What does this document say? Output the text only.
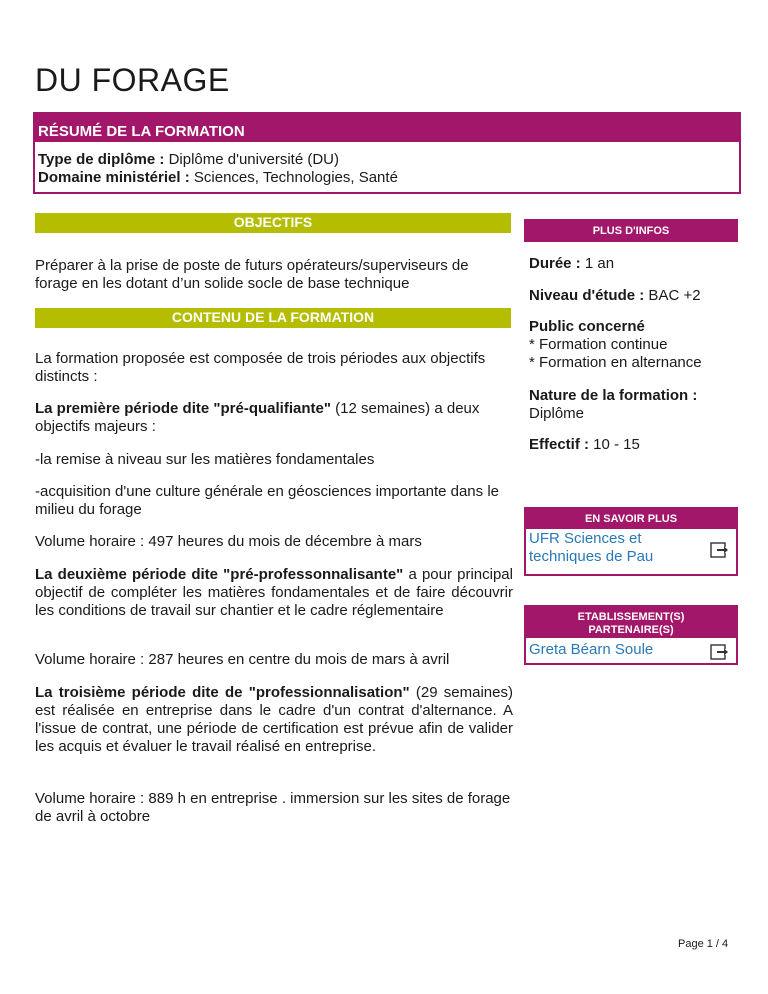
DU FORAGE
RÉSUMÉ DE LA FORMATION
Type de diplôme : Diplôme d'université (DU)
Domaine ministériel : Sciences, Technologies, Santé
OBJECTIFS
Préparer à la prise de poste de futurs opérateurs/superviseurs de forage en les dotant d’un solide socle de base technique
CONTENU DE LA FORMATION
La formation proposée est composée de trois périodes aux objectifs distincts :
La première période dite "pré-qualifiante" (12 semaines) a deux objectifs majeurs :
-la remise à niveau sur les matières fondamentales
-acquisition d'une culture générale en géosciences importante dans le milieu du forage
Volume horaire : 497 heures du mois de décembre à mars
La deuxième période dite "pré-professonnalisante" a pour principal objectif de compléter les matières fondamentales et de faire découvrir les conditions de travail sur chantier et le cadre réglementaire
Volume horaire : 287 heures en centre du mois de mars à avril
La troisième période dite de "professionnalisation" (29 semaines) est réalisée en entreprise dans le cadre d'un contrat d'alternance. A l'issue de contrat, une période de certification est prévue afin de valider les acquis et évaluer le travail réalisé en entreprise.
Volume horaire : 889 h en entreprise . immersion sur les sites de forage de avril à octobre
PLUS D'INFOS
Durée : 1 an
Niveau d'étude : BAC +2
Public concerné
* Formation continue
* Formation en alternance
Nature de la formation :
Diplôme
Effectif : 10 - 15
EN SAVOIR PLUS
UFR Sciences et techniques de Pau
ETABLISSEMENT(S)
PARTENAIRE(S)
Greta Béarn Soule
Page 1 / 4
